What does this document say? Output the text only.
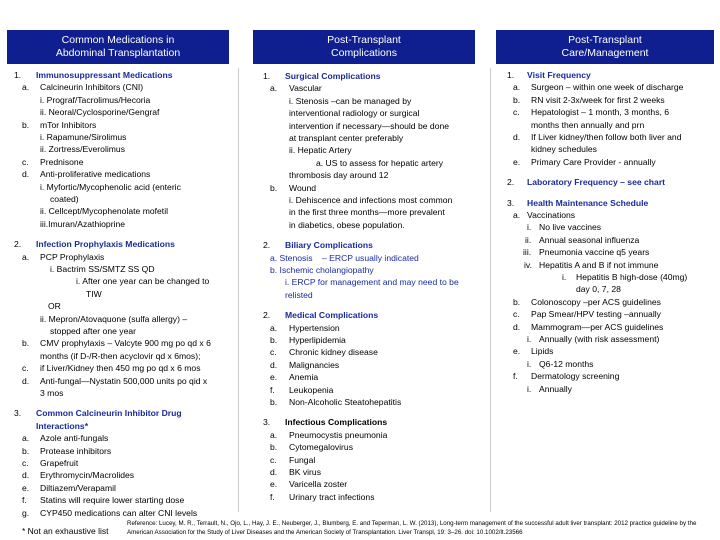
Common Medications in
Abdominal Transplantation
Post-Transplant
Complications
Post-Transplant
Care/Management
1. Immunosuppressant Medications
a. Calcineurin Inhibitors (CNI)
i. Prograf/Tacrolimus/Hecoria
ii. Neoral/Cyclosporine/Gengraf
b. mTor Inhibitors
i. Rapamune/Sirolimus
ii. Zortress/Everolimus
c. Prednisone
d. Anti-proliferative medications
i. Myfortic/Mycophenolic acid (enteric
coated)
ii. Cellcept/Mycophenolate mofetil
iii.Imuran/Azathioprine
2. Infection Prophylaxis Medications
a. PCP Prophylaxis
i. Bactrim SS/SMTZ SS QD
i. After one year can be changed to
TIW
OR
ii. Mepron/Atovaquone (sulfa allergy) –
stopped after one year
b. CMV prophylaxis – Valcyte 900 mg po qd x 6
months (if D-/R-then acyclovir qd x 6mos);
c. if Liver/Kidney then 450 mg po qd x 6 mos
d. Anti-fungal—Nystatin 500,000 units po qid x
3 mos
3. Common Calcineurin Inhibitor Drug
Interactions*
a. Azole anti-fungals
b. Protease inhibitors
c. Grapefruit
d. Erythromycin/Macrolides
e. Diltiazem/Verapamil
f. Statins will require lower starting dose
g. CYP450 medications can alter CNI levels
1. Surgical Complications
a. Vascular
i. Stenosis –can be managed by
interventional radiology or surgical
intervention if necessary—should be done
at transplant center preferably
ii. Hepatic Artery
a. US to assess for hepatic artery
thrombosis day around 12
b. Wound
i. Dehiscence and infections most common
in the first three months—more prevalent
in diabetics, obese population.
2. Biliary Complications
a. Stenosis – ERCP usually indicated
b. Ischemic cholangiopathy
i. ERCP for management and may need to be
relisted
2. Medical Complications
a. Hypertension
b. Hyperlipidemia
c. Chronic kidney disease
d. Malignancies
e. Anemia
f. Leukopenia
b. Non-Alcoholic Steatohepatitis
3. Infectious Complications
a. Pneumocystis pneumonia
b. Cytomegalovirus
c. Fungal
d. BK virus
e. Varicella zoster
f. Urinary tract infections
1. Visit Frequency
a. Surgeon – within one week of discharge
b. RN visit 2-3x/week for first 2 weeks
c. Hepatologist – 1 month, 3 months, 6
months then annually and prn
d. If Liver kidney/then follow both liver and
kidney schedules
e. Primary Care Provider - annually
2. Laboratory Frequency – see chart
3. Health Maintenance Schedule
a. Vaccinations
i. No live vaccines
ii. Annual seasonal influenza
iii. Pneumonia vaccine q5 years
iv. Hepatitis A and B if not immune
i. Hepatitis B high-dose (40mg)
day 0, 7, 28
b. Colonoscopy –per ACS guidelines
c. Pap Smear/HPV testing –annually
d. Mammogram—per ACS guidelines
i. Annually (with risk assessment)
e. Lipids
i. Q6-12 months
f. Dermatology screening
i. Annually
* Not an exhaustive list
Reference: Lucey, M. R., Terrault, N., Ojo, L., Hay, J. E., Neuberger, J., Blumberg, E. and Teperman, L. W. (2013), Long-term management of the successful adult liver transplant: 2012 practice guideline by the American Association for the Study of Liver Diseases and the American Society of Transplantation. Liver Transpl, 19: 3–26. doi: 10.1002/lt.23566
